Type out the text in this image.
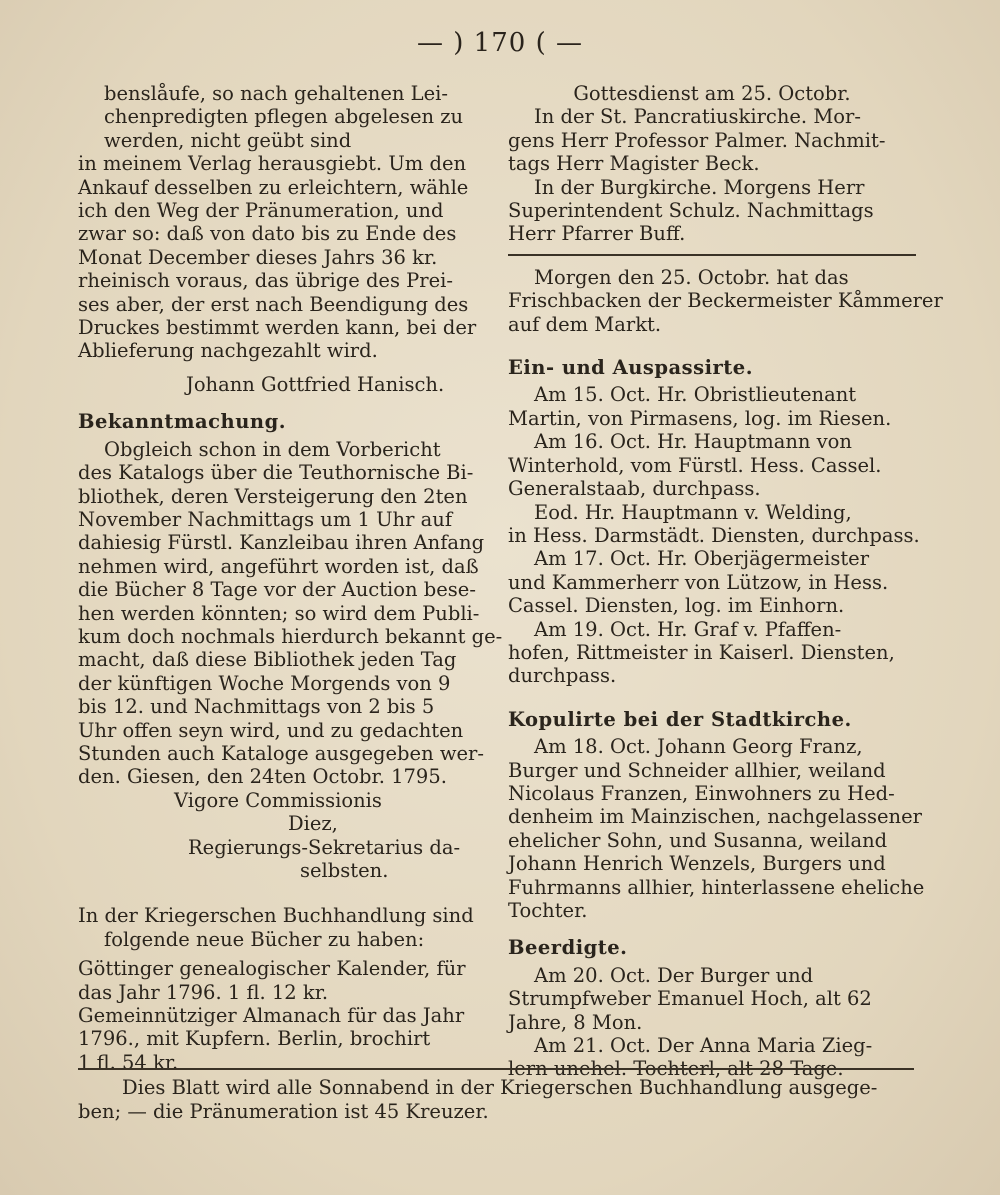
— ) 170 ( —

benslåufe, so nach gehaltenen Lei-
chenpredigten pflegen abgelesen zu
werden, nicht geübt sind

in meinem Verlag herausgiebt. Um den
Ankauf desselben zu erleichtern, wähle
ich den Weg der Pränumeration, und
zwar so: daß von dato bis zu Ende des
Monat December dieses Jahrs 36 kr.
rheinisch voraus, das übrige des Prei-
ses aber, der erst nach Beendigung des
Druckes bestimmt werden kann, bei der
Ablieferung nachgezahlt wird.

Johann Gottfried Hanisch.

Bekanntmachung.

Obgleich schon in dem Vorbericht
des Katalogs über die Teuthornische Bi-
bliothek, deren Versteigerung den 2ten
November Nachmittags um 1 Uhr auf
dahiesig Fürstl. Kanzleibau ihren Anfang
nehmen wird, angeführt worden ist, daß
die Bücher 8 Tage vor der Auction bese-
hen werden könnten; so wird dem Publi-
kum doch nochmals hierdurch bekannt ge-
macht, daß diese Bibliothek jeden Tag
der künftigen Woche Morgends von 9
bis 12. und Nachmittags von 2 bis 5
Uhr offen seyn wird, und zu gedachten
Stunden auch Kataloge ausgegeben wer-
den. Giesen, den 24ten Octobr. 1795.

Vigore Commissionis

Diez,

Regierungs-Sekretarius da-

selbsten.

In der Kriegerschen Buchhandlung sind
folgende neue Bücher zu haben:

Göttinger genealogischer Kalender, für
das Jahr 1796. 1 fl. 12 kr.

Gemeinnütziger Almanach für das Jahr
1796., mit Kupfern. Berlin, brochirt
1 fl. 54 kr.

Gottesdienst am 25. Octobr.

In der St. Pancratiuskirche. Mor-
gens Herr Professor Palmer. Nachmit-
tags Herr Magister Beck.

In der Burgkirche. Morgens Herr
Superintendent Schulz. Nachmittags
Herr Pfarrer Buff.

Morgen den 25. Octobr. hat das
Frischbacken der Beckermeister Kåmmerer
auf dem Markt.

Ein- und Auspassirte.

Am 15. Oct. Hr. Obristlieutenant
Martin, von Pirmasens, log. im Riesen.

Am 16. Oct. Hr. Hauptmann von
Winterhold, vom Fürstl. Hess. Cassel.
Generalstaab, durchpass.

Eod. Hr. Hauptmann v. Welding,
in Hess. Darmstädt. Diensten, durchpass.

Am 17. Oct. Hr. Oberjägermeister
und Kammerherr von Lützow, in Hess.
Cassel. Diensten, log. im Einhorn.

Am 19. Oct. Hr. Graf v. Pfaffen-
hofen, Rittmeister in Kaiserl. Diensten,
durchpass.

Kopulirte bei der Stadtkirche.

Am 18. Oct. Johann Georg Franz,
Burger und Schneider allhier, weiland
Nicolaus Franzen, Einwohners zu Hed-
denheim im Mainzischen, nachgelassener
ehelicher Sohn, und Susanna, weiland
Johann Henrich Wenzels, Burgers und
Fuhrmanns allhier, hinterlassene eheliche
Tochter.

Beerdigte.

Am 20. Oct. Der Burger und
Strumpfweber Emanuel Hoch, alt 62
Jahre, 8 Mon.

Am 21. Oct. Der Anna Maria Zieg-
lern unehel. Tochterl, alt 28 Tage.

Dies Blatt wird alle Sonnabend in der Kriegerschen Buchhandlung ausgege-
ben; — die Pränumeration ist 45 Kreuzer.
